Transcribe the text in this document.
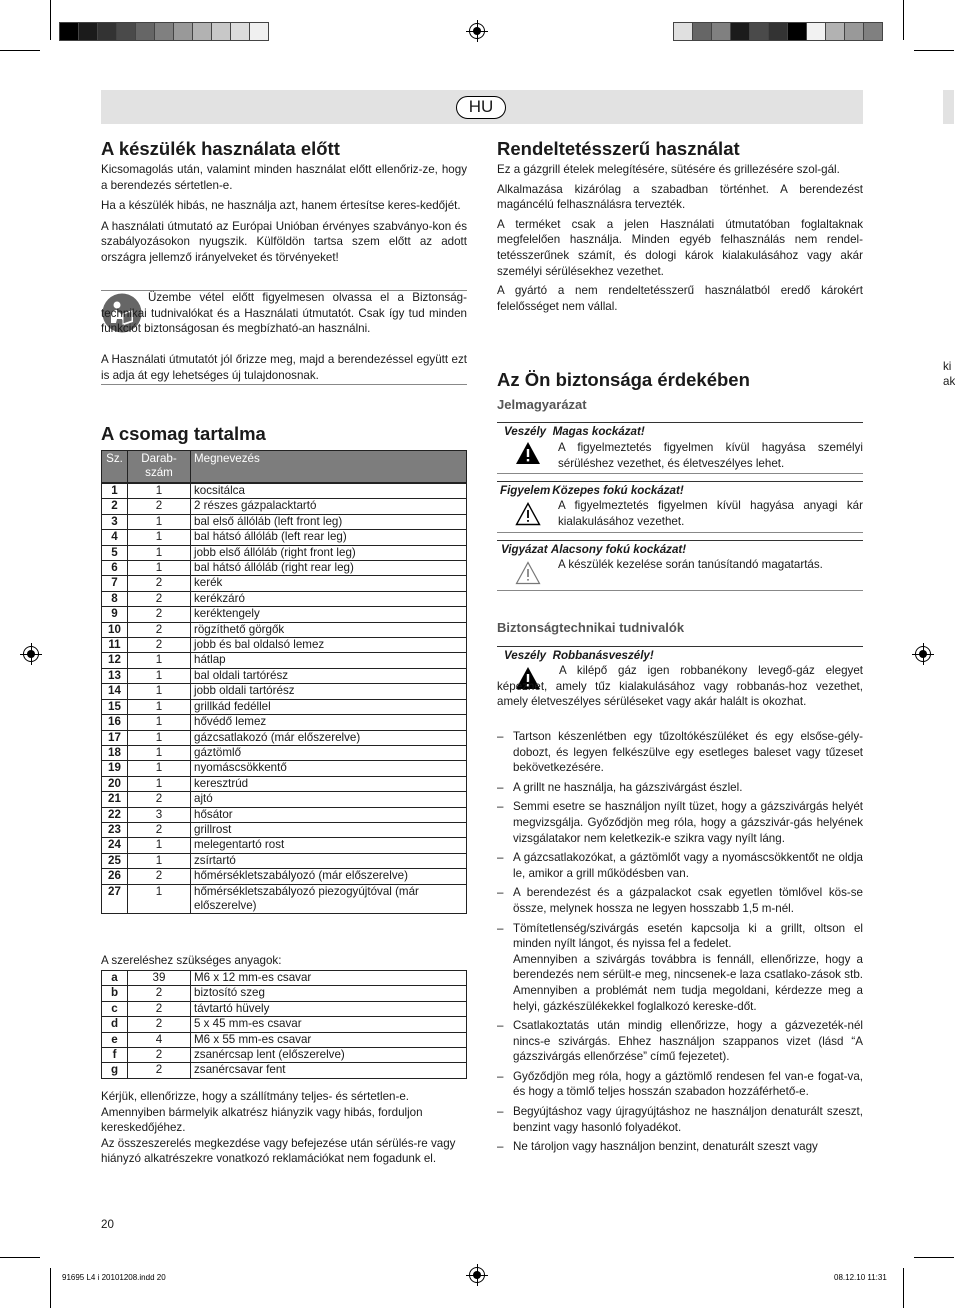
ki
ak
HU
A készülék használata előtt

Kicsomagolás után, valamint minden használat előtt ellenőriz-ze, hogy a berendezés sértetlen-e.

Ha a készülék hibás, ne használja azt, hanem értesítse keres-kedőjét.

A használati útmutató az Európai Unióban érvényes szabványo-kon és szabályozásokon nyugszik. Külföldön tartsa szem előtt az adott országra jellemző irányelveket és törvényeket!

Üzembe vétel előtt figyelmesen olvassa el a Biztonság-technikai tudnivalókat és a Használati útmutatót. Csak így tud minden funkciót biztonságosan és megbízható-an használni.
A Használati útmutatót jól őrizze meg, majd a berendezéssel együtt ezt is adja át egy lehetséges új tulajdonosnak.
A csomag tartalma
Sz.	Darab-szám	Megnevezés

1	1	kocsitálca
2	2	2 részes gázpalacktartó
3	1	bal első állóláb (left front leg)
4	1	bal hátsó állóláb (left rear leg)
5	1	jobb első állóláb (right front leg)
6	1	bal hátsó állóláb (right rear leg)
7	2	kerék
8	2	kerékzáró
9	2	keréktengely
10	2	rögzíthető görgők
11	2	jobb és bal oldalsó lemez
12	1	hátlap
13	1	bal oldali tartórész
14	1	jobb oldali tartórész
15	1	grillkád fedéllel
16	1	hővédő lemez
17	1	gázcsatlakozó (már előszerelve)
18	1	gáztömlő
19	1	nyomáscsökkentő
20	1	keresztrúd
21	2	ajtó
22	3	hősátor
23	2	grillrost
24	1	melegentartó rost
25	1	zsírtartó
26	2	hőmérsékletszabályozó (már előszerelve)
27	1	hőmérsékletszabályozó piezogyújtóval (már előszerelve)
A szereléshez szükséges anyagok:
a	39	M6 x 12 mm-es csavar
b	2	biztosító szeg
c	2	távtartó hüvely
d	2	5 x 45 mm-es csavar
e	4	M6 x 55 mm-es csavar
f	2	zsanércsap lent (előszerelve)
g	2	zsanércsavar fent

Kérjük, ellenőrizze, hogy a szállítmány teljes- és sértetlen-e. Amennyiben bármelyik alkatrész hiányzik vagy hibás, forduljon kereskedőjéhez.

Az összeszerelés megkezdése vagy befejezése után sérülés-re vagy hiányzó alkatrészekre vonatkozó reklamációkat nem fogadunk el.

20
Rendeltetésszerű használat

Ez a gázgrill ételek melegítésére, sütésére és grillezésére szol-gál.

Alkalmazása kizárólag a szabadban történhet. A berendezést magáncélú felhasználásra tervezték.

A terméket csak a jelen Használati útmutatóban foglaltaknak megfelelően használja. Minden egyéb felhasználás nem rendel-tetésszerűnek számít, és dologi károk kialakulásához vagy akár személyi sérülésekhez vezethet.

A gyártó a nem rendeltetésszerű használatból eredő károkért felelősséget nem vállal.

Az Ön biztonsága érdekében
Jelmagyarázat
Veszély Magas kockázat!
A figyelmeztetés figyelmen kívül hagyása személyi sérüléshez vezethet, és életveszélyes lehet.
Figyelem Közepes fokú kockázat!
A figyelmeztetés figyelmen kívül hagyása anyagi kár kialakulásához vezethet.
Vigyázat Alacsony fokú kockázat!
A készülék kezelése során tanúsítandó magatartás.
Biztonságtechnikai tudnivalók
Veszély Robbanásveszély!
A kilépő gáz igen robbanékony levegő-gáz elegyet képezhet, amely tűz kialakulásához vagy robbanás-hoz vezethet, amely életveszélyes sérüléseket vagy akár halált is okozhat.
– Tartson készenlétben egy tűzoltókészüléket és egy elsőse-gély-dobozt, és legyen felkészülve egy esetleges baleset vagy tűzeset bekövetkezésére.
– A grillt ne használja, ha gázszivárgást észlel.
– Semmi esetre se használjon nyílt tüzet, hogy a gázszivárgás helyét megvizsgálja. Győződjön meg róla, hogy a gázszivár-gás helyének vizsgálatakor nem keletkezik-e szikra vagy nyílt láng.
– A gázcsatlakozókat, a gáztömlőt vagy a nyomáscsökkentőt ne oldja le, amikor a grill működésben van.
– A berendezést és a gázpalackot csak egyetlen tömlővel kös-se össze, melynek hossza ne legyen hosszabb 1,5 m-nél.
– Tömítetlenség/szivárgás esetén kapcsolja ki a grillt, oltson el minden nyílt lángot, és nyissa fel a fedelet.
Amennyiben a szivárgás továbbra is fennáll, ellenőrizze, hogy a berendezés nem sérült-e meg, nincsenek-e laza csatlako-zások stb. Amennyiben a problémát nem tudja megoldani, kérdezze meg a helyi, gázkészülékekkel foglalkozó kereske-dőt.
– Csatlakoztatás után mindig ellenőrizze, hogy a gázvezeték-nél nincs-e szivárgás. Ehhez használjon szappanos vizet (lásd “A gázszivárgás ellenőrzése” című fejezetet).
– Győződjön meg róla, hogy a gáztömlő rendesen fel van-e fogat-va, és hogy a tömlő teljes hosszán szabadon hozzáférhető-e.
– Begyújtáshoz vagy újragyújtáshoz ne használjon denaturált szeszt, benzint vagy hasonló folyadékot.
– Ne tároljon vagy használjon benzint, denaturált szeszt vagy
91695 L4 i 20101208.indd 20	08.12.10 11:31
